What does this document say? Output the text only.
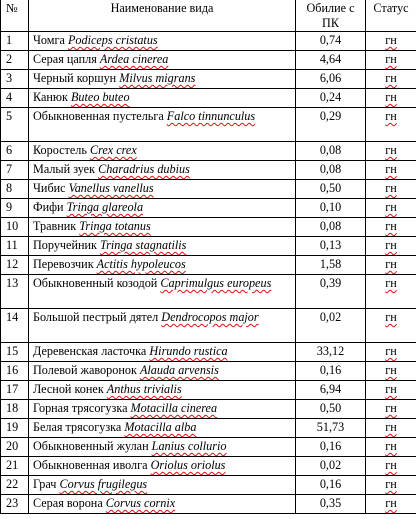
№	Наименование вида	Обилие с ПК	Статус
1	Чомга Podiceps cristatus	0,74	гн
2	Серая цапля Ardea cinerea	4,64	гн
3	Черный коршун Milvus migrans	6,06	гн
4	Канюк Buteo buteo	0,24	гн
5	Обыкновенная пустельга Falco tinnunculus	0,29	гн
6	Коростель Crex crex	0,08	гн
7	Малый зуек Charadrius dubius	0,08	гн
8	Чибис Vanellus vanellus	0,50	гн
9	Фифи Tringa glareola	0,10	гн
10	Травник Tringa totanus	0,08	гн
11	Поручейник Tringa stagnatilis	0,13	гн
12	Перевозчик Actitis hypoleucos	1,58	гн
13	Обыкновенный козодой Caprimulgus europeus	0,39	гн
14	Большой пестрый дятел Dendrocopos major	0,02	гн
15	Деревенская ласточка Hirundo rustica	33,12	гн
16	Полевой жаворонок Alauda arvensis	0,16	гн
17	Лесной конек Anthus trivialis	6,94	гн
18	Горная трясогузка Motacilla cinerea	0,50	гн
19	Белая трясогузка Motacilla alba	51,73	гн
20	Обыкновенный жулан Lanius collurio	0,16	гн
21	Обыкновенная иволга Oriolus oriolus	0,02	гн
22	Грач Corvus frugilegus	0,16	гн
23	Серая ворона Corvus cornix	0,35	гн
